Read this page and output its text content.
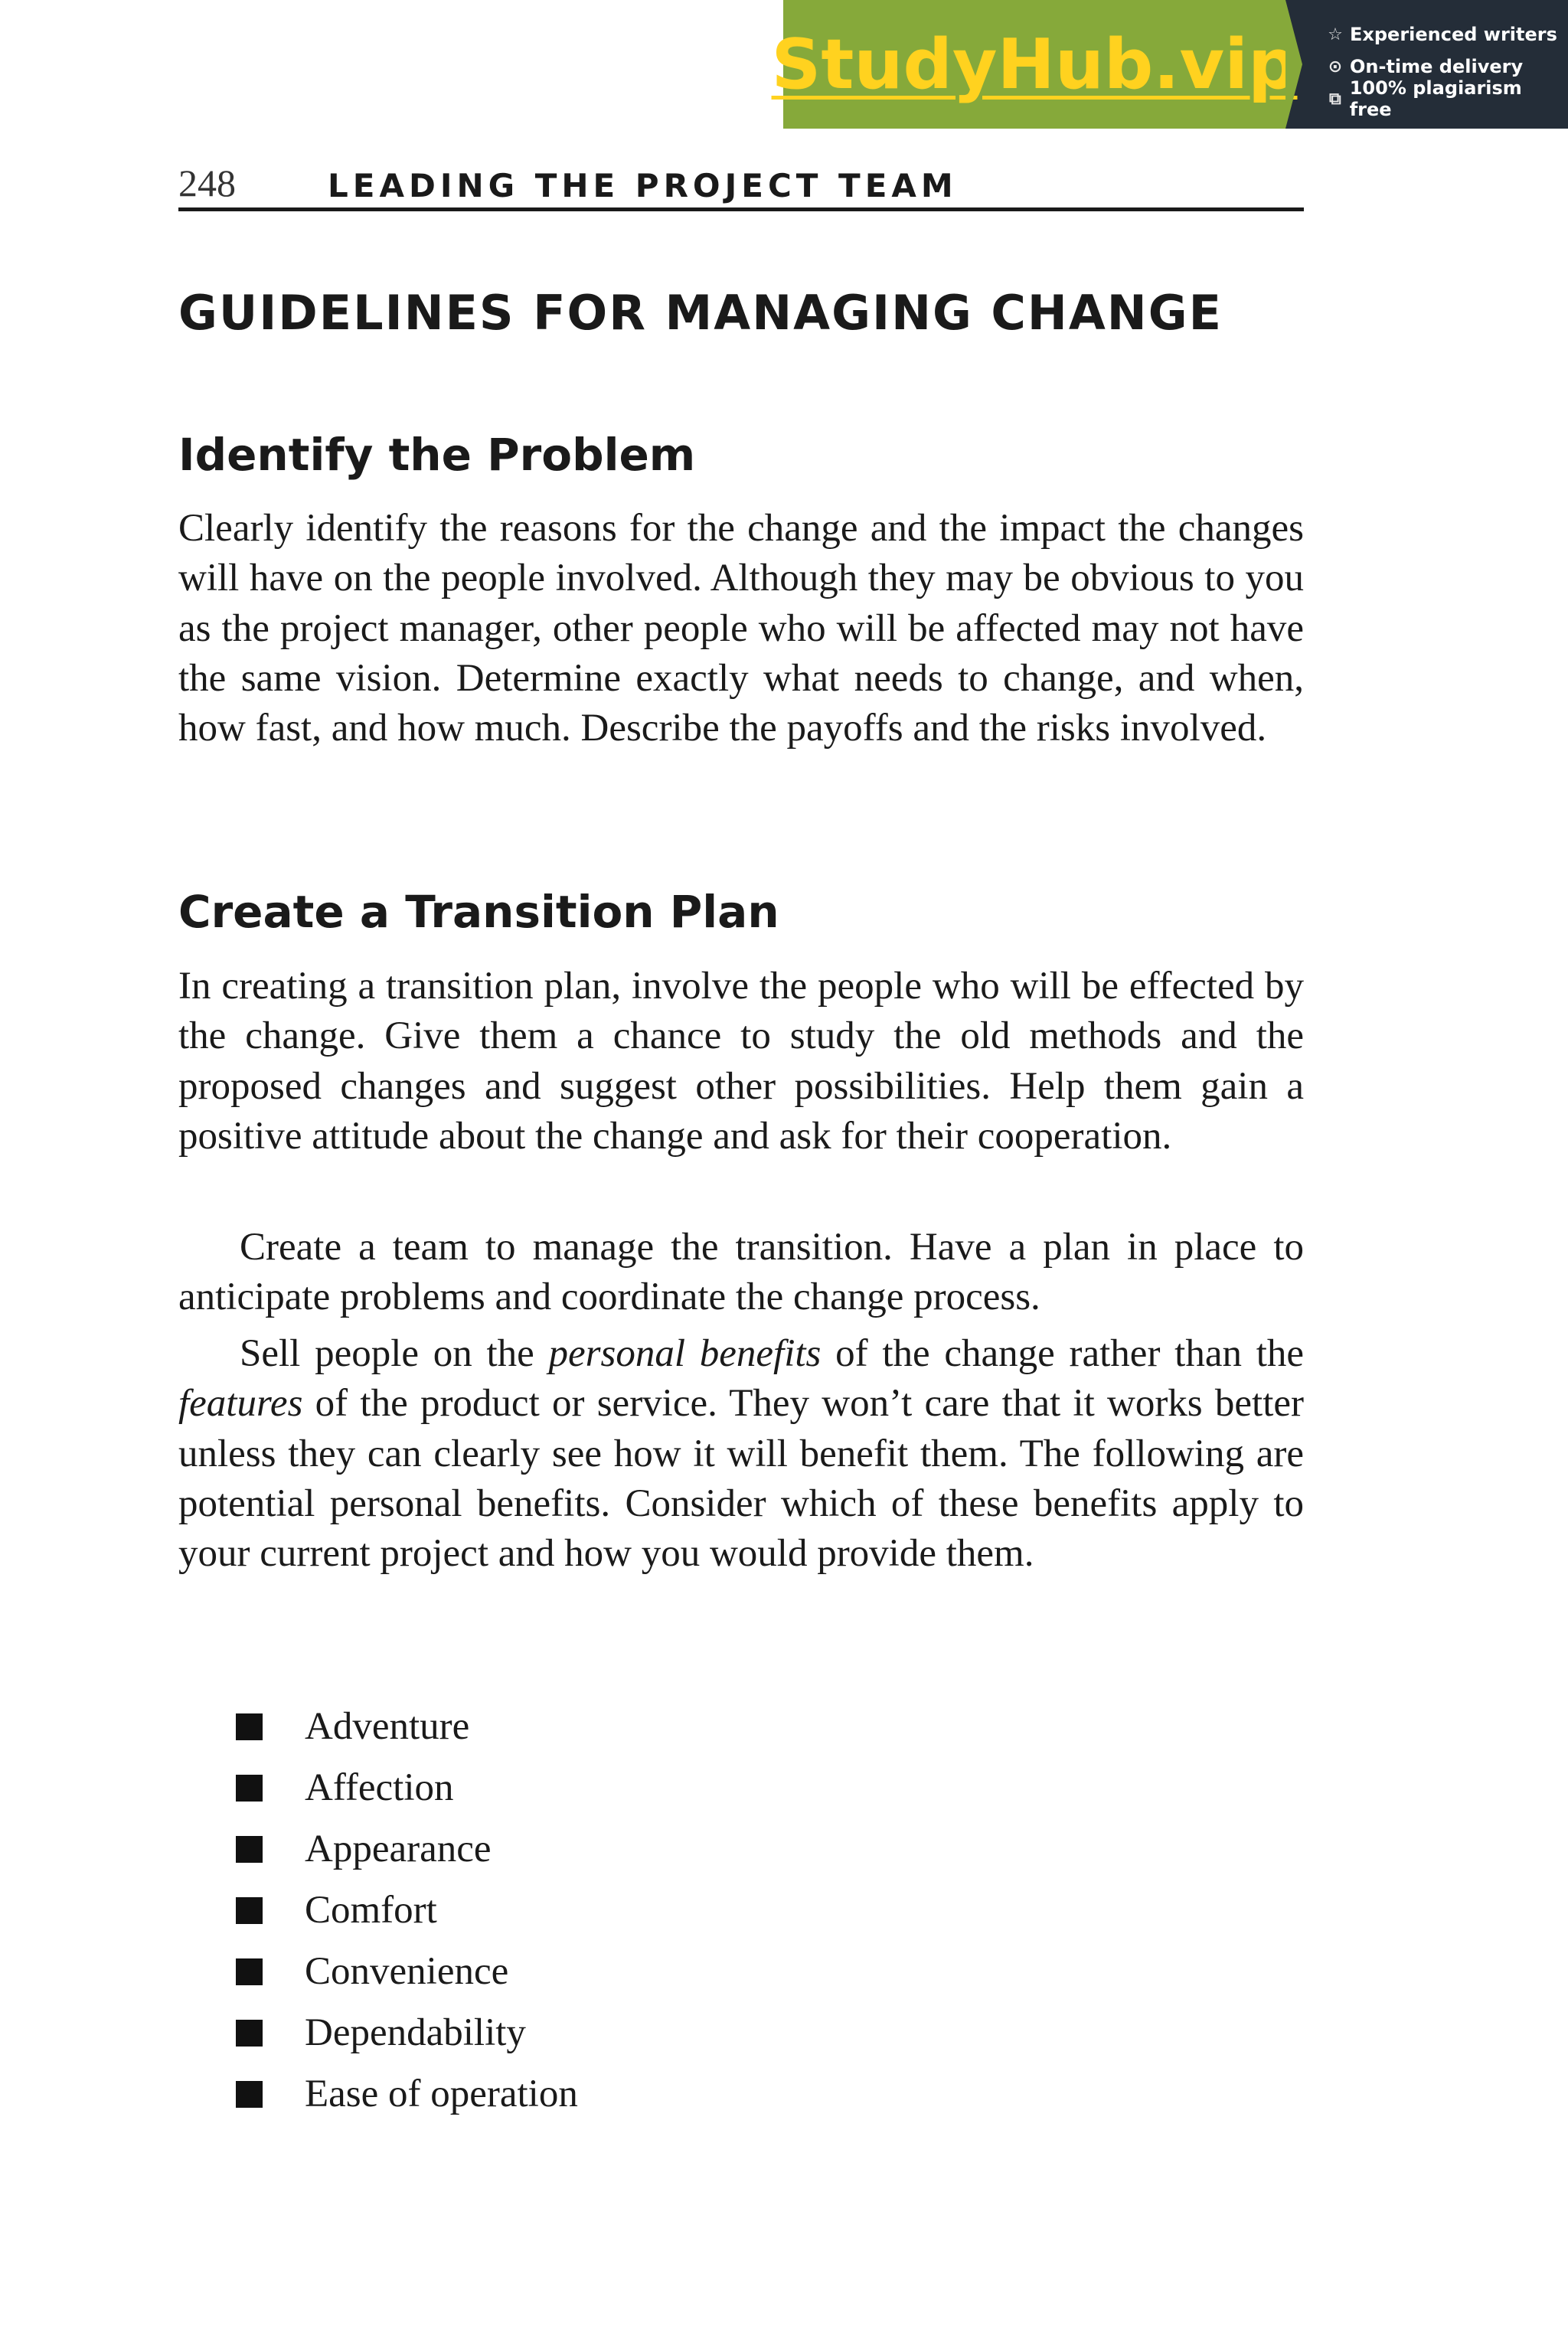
StudyHub.vip ☆ Experienced writers
⊙ On-time delivery
⧉ 100% plagiarism free
248	LEADING THE PROJECT TEAM
GUIDELINES FOR MANAGING CHANGE
Identify the Problem

Clearly identify the reasons for the change and the impact the changes will have on the people involved. Although they may be obvious to you as the project manager, other people who will be affected may not have the same vision. Determine exactly what needs to change, and when, how fast, and how much. Describe the payoffs and the risks involved.

Create a Transition Plan

In creating a transition plan, involve the people who will be effected by the change. Give them a chance to study the old methods and the proposed changes and suggest other possibilities. Help them gain a positive attitude about the change and ask for their cooperation.

Create a team to manage the transition. Have a plan in place to anticipate problems and coordinate the change process.

Sell people on the personal benefits of the change rather than the features of the product or service. They won’t care that it works better unless they can clearly see how it will benefit them. The following are potential personal benefits. Consider which of these benefits apply to your current project and how you would provide them.

Adventure
Affection
Appearance
Comfort
Convenience
Dependability
Ease of operation
